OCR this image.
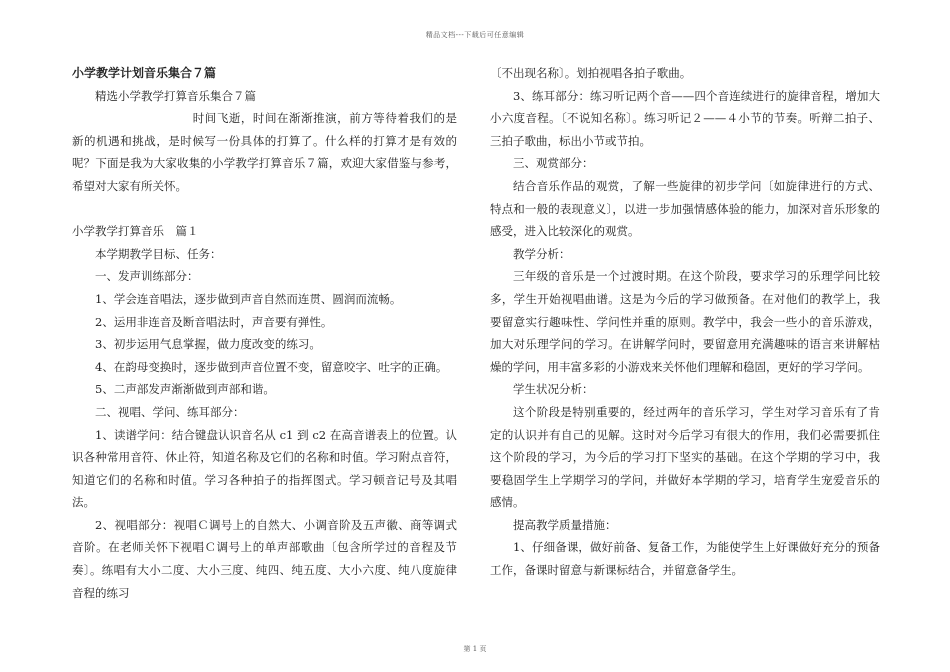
精品文档---下载后可任意编辑

小学教学计划音乐集合７篇

精选小学教学打算音乐集合７篇

时间飞逝，时间在渐渐推演，前方等待着我们的是新的机遇和挑战，是时候写一份具体的打算了。什么样的打算才是有效的呢？下面是我为大家收集的小学教学打算音乐７篇，欢迎大家借鉴与参考，希望对大家有所关怀。

小学教学打算音乐　篇１

本学期教学目标、任务：

一、发声训练部分：

1、学会连音唱法，逐步做到声音自然而连贯、圆润而流畅。

2、运用非连音及断音唱法时，声音要有弹性。

3、初步运用气息掌握，做力度改变的练习。

4、在韵母变换时，逐步做到声音位置不变，留意咬字、吐字的正确。

5、二声部发声渐渐做到声部和谐。

二、视唱、学问、练耳部分：

1、读谱学问：结合键盘认识音名从 c1 到 c2 在高音谱表上的位置。认识各种常用音符、休止符，知道名称及它们的名称和时值。学习附点音符，知道它们的名称和时值。学习各种拍子的指挥图式。学习顿音记号及其唱法。

2、视唱部分：视唱Ｃ调号上的自然大、小调音阶及五声徽、商等调式音阶。在老师关怀下视唱Ｃ调号上的单声部歌曲〔包含所学过的音程及节奏〕。练唱有大小二度、大小三度、纯四、纯五度、大小六度、纯八度旋律音程的练习

〔不出现名称〕。划拍视唱各拍子歌曲。

3、练耳部分：练习听记两个音——四个音连续进行的旋律音程，增加大小六度音程。〔不说知名称〕。练习听记２——４小节的节奏。听辩二拍子、三拍子歌曲，标出小节或节拍。

三、观赏部分：

结合音乐作品的观赏，了解一些旋律的初步学问〔如旋律进行的方式、特点和一般的表现意义〕，以进一步加强情感体验的能力，加深对音乐形象的感受，进入比较深化的观赏。

教学分析：

三年级的音乐是一个过渡时期。在这个阶段，要求学习的乐理学问比较多，学生开始视唱曲谱。这是为今后的学习做预备。在对他们的教学上，我要留意实行趣味性、学问性并重的原则。教学中，我会一些小的音乐游戏，加大对乐理学问的学习。在讲解学问时，要留意用充满趣味的语言来讲解枯燥的学问，用丰富多彩的小游戏来关怀他们理解和稳固，更好的学习学问。

学生状况分析：

这个阶段是特别重要的，经过两年的音乐学习，学生对学习音乐有了肯定的认识并有自己的见解。这时对今后学习有很大的作用，我们必需要抓住这个阶段的学习，为今后的学习打下坚实的基础。在这个学期的学习中，我要稳固学生上学期学习的学问，并做好本学期的学习，培育学生宠爱音乐的感情。

提高教学质量措施：

1、仔细备课，做好前备、复备工作，为能使学生上好课做好充分的预备工作，备课时留意与新课标结合，并留意备学生。

第 1 页
